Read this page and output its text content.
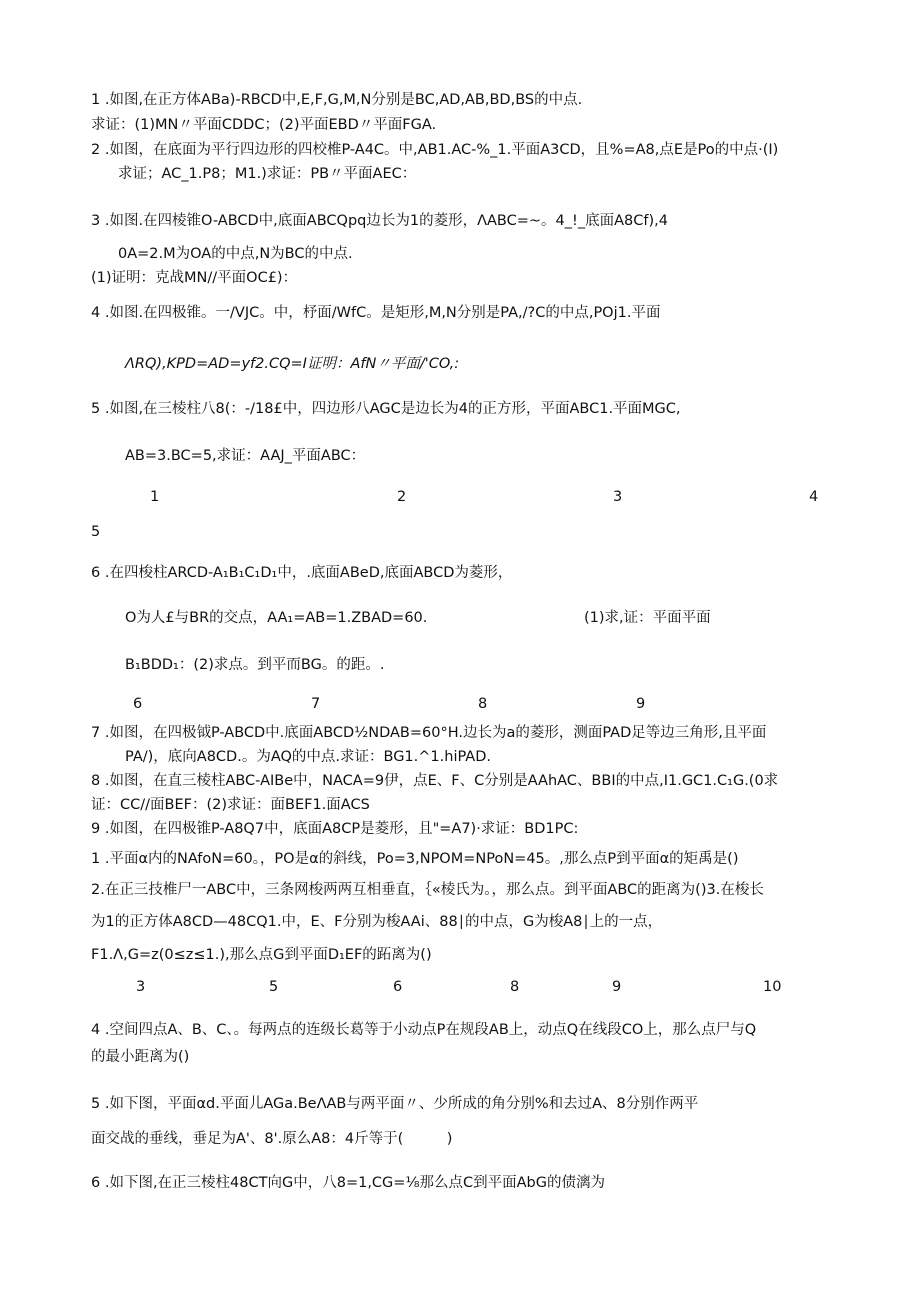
1 .如图,在正方体ABa)-RBCD中,E,F,G,M,N分别是BC,AD,AB,BD,BS的中点.
求证：(1)MN〃平面CDDC；(2)平面EBD〃平面FGA.
2 .如图，在底面为平行四边形的四校椎P-A4C。中,AB1.AC-%_1.平面A3CD，且%=A8,点E是Po的中点·(I)
求证；AC_1.P8；M1.)求证：PB〃平面AEC：
3 .如图.在四棱锥O-ABCD中,底面ABCQpq边长为1的菱形，ΛABC=~。4_!_底面A8Cf),4
0A=2.M为OA的中点,N为BC的中点.
(1)证明：克战MN//平面OC£)：
4 .如图.在四极锥。一/VJC。中，杼面/WfC。是矩形,M,N分别是PA,/?C的中点,POj1.平面
ΛRQ),KPD=AD=yf2.CQ=I证明：AfN〃平面/'CO,:
5 .如图,在三棱柱八8(：-/18£中，四边形八AGC是边长为4的正方形，平面ABC1.平面MGC,
AB=3.BC=5,求证：AAJ_平面ABC：
1	2	3	4
5
6 .在四梭柱ARCD-A₁B₁C₁D₁中，.底面ABeD,底面ABCD为菱形，
O为人£与BR的交点，AA₁=AB=1.ZBAD=60.	(1)求,证：平面平面
B₁BDD₁：(2)求点。到平而BG。的距。.
6	7	8	9
7 .如图，在四极钺P-ABCD中.底面ABCD½NDAB=60°H.边长为a的菱形，测面PAD足等边三角形,且平面
PA/)，底向A8CD.。为AQ的中点.求证：BG1.^1.hiPAD.
8 .如图，在直三棱柱ABC-AIBe中，NACA=9伊，点E、F、C分别是AAhAC、BBI的中点,I1.GC1.C₁G.(0求
证：CC//面BEF：(2)求证：面BEF1.面ACS
9 .如图，在四极锥P-A8Q7中，底面A8CP是菱形，且"=A7)·求证：BD1PC:
1 .平面α内的NAfoN=60。，PO是α的斜线，Po=3,NPOM=NPoN=45。,那么点P到平面α的矩禹是()
2.在正三技椎尸一ABC中，三条网梭两两互相垂直，｛«棱氏为。，那么点。到平面ABC的距离为()3.在梭长
为1的正方体A8CD—48CQ1.中，E、F分别为梭AAi、88∣的中点，G为梭A8∣上的一点，
F1.Λ,G=z(0≤z≤1.),那么点G到平面D₁EF的跖离为()
3	5	6	8	9	10
4 .空间四点A、B、C、。每两点的连级长葛等于小动点P在规段AB上，动点Q在线段CO上，那么点尸与Q
的最小距离为()
5 .如下图，平面αd.平面儿AGa.BeΛAB与两平面〃、少所成的角分别%和去过A、8分别作两平
面交战的垂线，垂足为A'、8'.原么A8：4斤等于(　　　)
6 .如下图,在正三棱柱48CT向G中，八8=1,CG=⅛那么点C到平面AbG的债漓为
